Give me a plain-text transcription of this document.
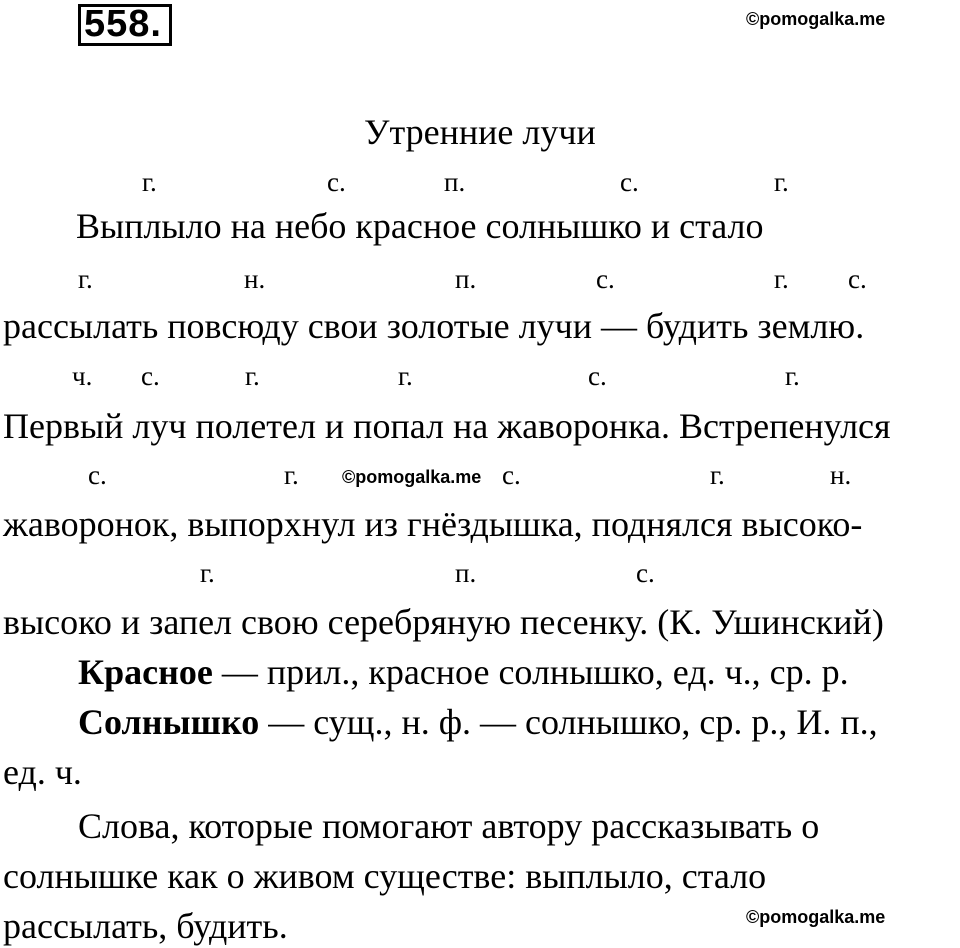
558.	©pomogalka.me
Утренние лучи
г.	с.	п.	с.	г.
Выплыло на небо красное солнышко и стало
г.	н.	п.	с.	г. с.
рассылать повсюду свои золотые лучи — будить землю.
ч. с.	г.	г.	с.	г.
Первый луч полетел и попал на жаворонка. Встрепенулся
с.	г. ©pomogalka.me с.	г.	н.
жаворонок, выпорхнул из гнёздышка, поднялся высоко-
г.	п.	с.
высоко и запел свою серебряную песенку. (К. Ушинский)
Красное — прил., красное солнышко, ед. ч., ср. р.
Солнышко — сущ., н. ф. — солнышко, ср. р., И. п.,
ед. ч.
Слова, которые помогают автору рассказывать о
солнышке как о живом существе: выплыло, стало
рассылать, будить.	©pomogalka.me
